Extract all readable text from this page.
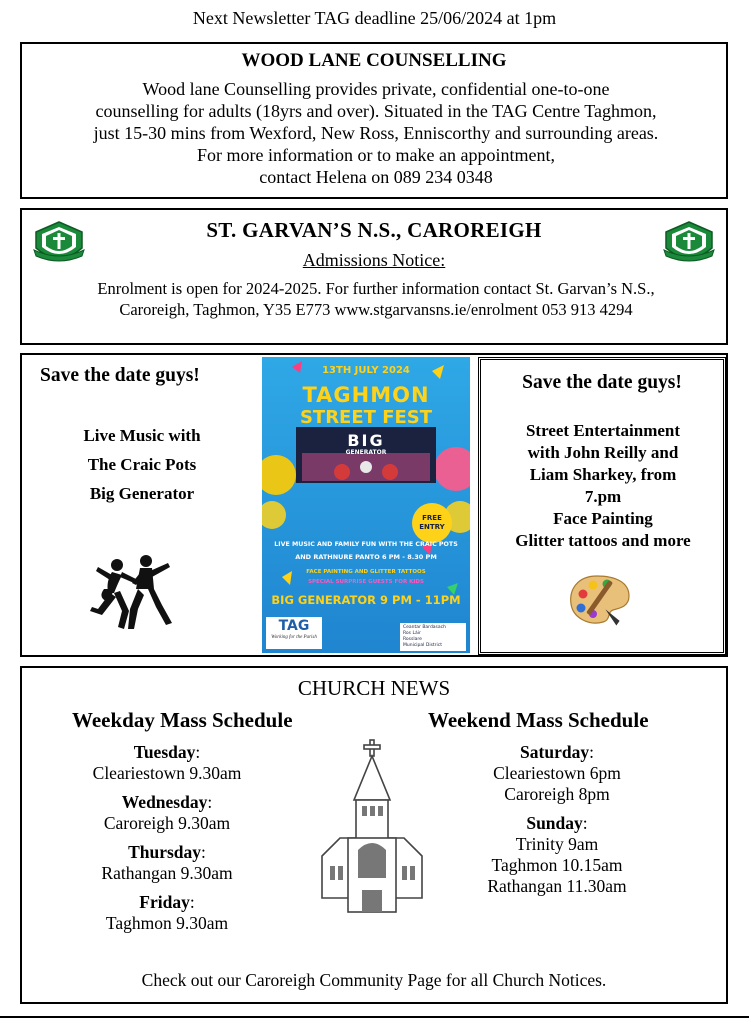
Next Newsletter TAG deadline 25/06/2024 at 1pm
WOOD LANE COUNSELLING
Wood lane Counselling provides private, confidential one-to-one
counselling for adults (18yrs and over). Situated in the TAG Centre Taghmon,
just 15-30 mins from Wexford, New Ross, Enniscorthy and surrounding areas.
For more information or to make an appointment,
contact Helena on 089 234 0348
ST. GARVAN’S N.S., CAROREIGH
Admissions Notice:
Enrolment is open for 2024-2025. For further information contact St. Garvan’s N.S.,
Caroreigh, Taghmon, Y35 E773 www.stgarvansns.ie/enrolment 053 913 4294
Save the date guys!
Live Music with
The Craic Pots
Big Generator
13TH JULY 2024
TAGHMON
STREET FEST
BIG
GENERATOR
FREE
ENTRY
LIVE MUSIC AND FAMILY FUN WITH THE CRAIC POTS
AND RATHNURE PANTO 6 PM - 8.30 PM
FACE PAINTING AND GLITTER TATTOOS
SPECIAL SURPRISE GUESTS FOR KIDS
BIG GENERATOR 9 PM - 11PM
TAG
Working for the Parish
Ceantar Bardasach
Ros Láir
Rosslare
Municipal District
Save the date guys!
Street Entertainment
with John Reilly and
Liam Sharkey, from
7.pm
Face Painting
Glitter tattoos and more
CHURCH NEWS
Weekday Mass Schedule	Weekend Mass Schedule
Tuesday:
Cleariestown 9.30am
Wednesday:
Caroreigh 9.30am
Thursday:
Rathangan 9.30am
Friday:
Taghmon 9.30am
Saturday:
Cleariestown 6pm
Caroreigh 8pm
Sunday:
Trinity 9am
Taghmon 10.15am
Rathangan 11.30am
Check out our Caroreigh Community Page for all Church Notices.
